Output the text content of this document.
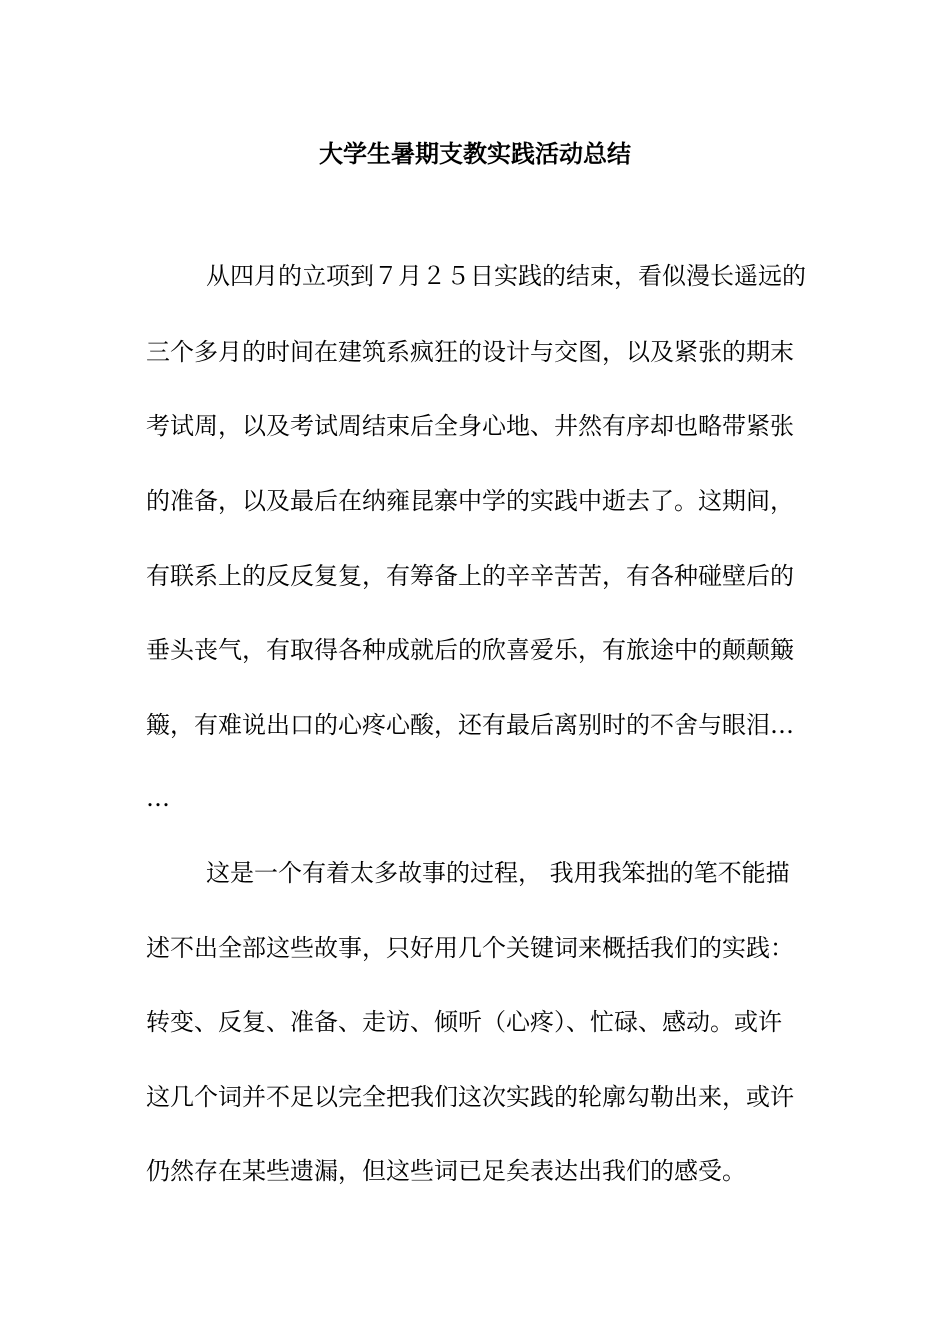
大学生暑期支教实践活动总结

从四月的立项到７月２５日实践的结束，看似漫长遥远的

三个多月的时间在建筑系疯狂的设计与交图，以及紧张的期末

考试周，以及考试周结束后全身心地、井然有序却也略带紧张

的准备，以及最后在纳雍昆寨中学的实践中逝去了。这期间，

有联系上的反反复复，有筹备上的辛辛苦苦，有各种碰壁后的

垂头丧气，有取得各种成就后的欣喜爱乐，有旅途中的颠颠簸

簸，有难说出口的心疼心酸，还有最后离别时的不舍与眼泪…

…

这是一个有着太多故事的过程， 我用我笨拙的笔不能描

述不出全部这些故事，只好用几个关键词来概括我们的实践：

转变、反复、准备、走访、倾听（心疼）、忙碌、感动。或许

这几个词并不足以完全把我们这次实践的轮廓勾勒出来，或许

仍然存在某些遗漏，但这些词已足矣表达出我们的感受。
